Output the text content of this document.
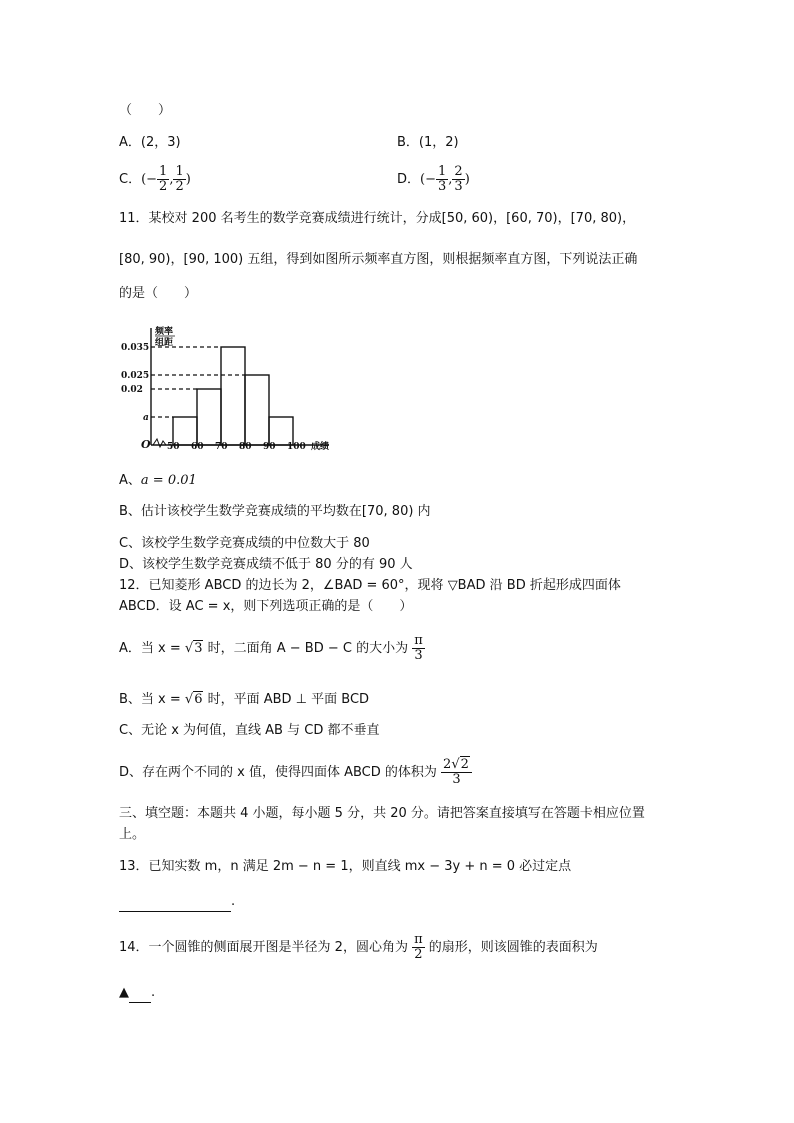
（　　）
A．(2，3)	B．(1，2)
C．(− $\frac{1}{2}$ , $\frac{1}{2}$ )	D．(− $\frac{1}{3}$ , $\frac{2}{3}$ )
11．某校对 200 名考生的数学竞赛成绩进行统计，分成[50, 60)，[60, 70)，[70, 80)，
[80, 90)，[90, 100) 五组，得到如图所示频率直方图，则根据频率直方图，下列说法正确
的是（　　）
频率
组距
O	成绩
50 60 70 80 90 100
0.035
0.025
0.02
a
A、a = 0.01
B、估计该校学生数学竞赛成绩的平均数在[70, 80) 内
C、该校学生数学竞赛成绩的中位数大于 80
D、该校学生数学竞赛成绩不低于 80 分的有 90 人
12．已知菱形 ABCD 的边长为 2，∠BAD = 60°，现将 ▽BAD 沿 BD 折起形成四面体
ABCD．设 AC = x，则下列选项正确的是（　　）
A．当 x = √3 时，二面角 A − BD − C 的大小为 $\frac{\pi}{3}$
B、当 x = √6 时，平面 ABD ⊥ 平面 BCD
C、无论 x 为何值，直线 AB 与 CD 都不垂直
D、存在两个不同的 x 值，使得四面体 ABCD 的体积为 $\frac{2√2}{3}$
三、填空题：本题共 4 小题，每小题 5 分，共 20 分。请把答案直接填写在答题卡相应位置
上。
13．已知实数 m，n 满足 2m − n = 1，则直线 mx − 3y + n = 0 必过定点
.
14．一个圆锥的侧面展开图是半径为 2，圆心角为 $\frac{\pi}{2}$ 的扇形，则该圆锥的表面积为
▲ .
